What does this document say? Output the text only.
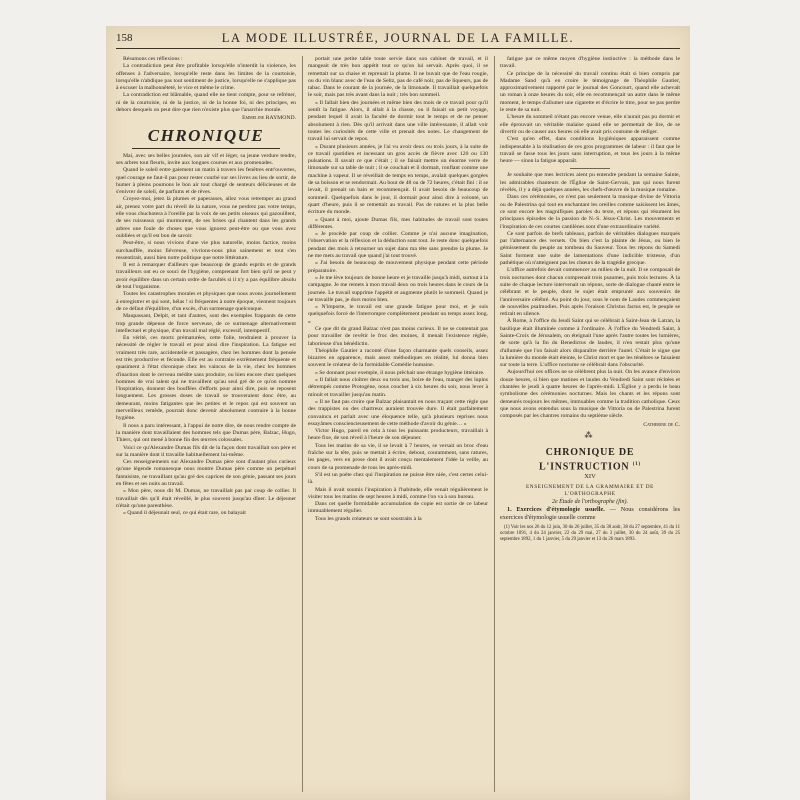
158	LA MODE ILLUSTRÉE, JOURNAL DE LA FAMILLE.

Résumons ces réflexions :

La contradiction peut être profitable lorsqu'elle n'interdit la violence, les offenses à l'adversaire, lorsqu'elle reste dans les limites de la courtoisie, lorsqu'elle n'abdique pas tout sentiment de justice, lorsqu'elle ne s'applique pas à excuser la malhonnêteté, le vice et même le crime.

La contradiction est blâmable, quand elle ne tient compte, pour se refréner, ni de la courtoisie, ni de la justice, ni de la bonne foi, ni des principes, en dehors desquels on peut dire que rien n'existe plus que l'anarchie morale.

Emmeline RAYMOND.
CHRONIQUE

Mai, avec ses belles journées, son air vif et léger, sa jeune verdure tendre, ses arbres tout fleuris, invite aux longues courses et aux promenades.

Quand le soleil entre gaiement un matin à travers les fenêtres entr'ouvertes, quel courage ne faut-il pas pour rester courbé sur ses livres au lieu de sortir, de humer à pleins poumons le bon air tout chargé de senteurs délicieuses et de s'enivrer de soleil, de parfums et de rêves.

Croyez-moi, jetez là plumes et paperasses, allez vous retremper au grand air, prenez votre part du réveil de la nature, vous ne perdrez pas votre temps, elle vous chuchotera à l'oreille par la voix de ses petits oiseaux qui gazouillent, de ses ruisseaux qui murmurent, de ses brises qui chantent dans les grands arbres une foule de choses que vous ignorez peut-être ou que vous avez oubliées et qu'il est bon de savoir.

Peut-être, si nous vivions d'une vie plus naturelle, moins factice, moins surchauffée, moins fiévreuse, vivrions-nous plus sainement et tout s'en ressentirait, aussi bien notre politique que notre littérature.

Il est à remarquer d'ailleurs que beaucoup de grands esprits et de grands travailleurs ont eu ce souci de l'hygiène, comprenant fort bien qu'il ne peut y avoir équilibre dans un certain ordre de facultés si il n'y a pas équilibre absolu de tout l'organisme.

Toutes les catastrophes morales et physiques que nous avons journellement à enregistrer et qui sont, hélas ! si fréquentes à notre époque, viennent toujours de ce défaut d'équilibre, d'un excès, d'un surmenage quelconque.

Maupassant, Delpit, et tant d'autres, sont des exemples frappants de cette trop grande dépense de force nerveuse, de ce surmenage alternativement intellectuel et physique, d'un travail mal réglé, excessif, intempestif.

En vérité, ces morts prématurées, cette folie, tendraient à prouver la nécessité de régler le travail et pour ainsi dire l'inspiration. La fatigue est vraiment très rare, accidentelle et passagère, chez les hommes dont la pensée est très productive et féconde. Elle est au contraire extrêmement fréquente et quasiment à l'état chronique chez les vaincus de la vie, chez les hommes d'inaction dont le cerveau médite sans produire, ou bien encore chez quelques hommes de vrai talent qui ne travaillent qu'au seul gré de ce qu'on nomme l'inspiration, donnent des bouffées d'efforts pour ainsi dire, puis se reposent longuement. Les grosses doses de travail se trouveraient donc être, au demeurant, moins fatigantes que les petites et le repos qui est souvent un merveilleux remède, pourrait donc devenir absolument contraire à la bonne hygiène.

Il nous a paru intéressant, à l'appui de notre dire, de nous rendre compte de la manière dont travaillaient des hommes tels que Dumas père, Balzac, Hugo, Thiers, qui ont mené à bonne fin des œuvres colossales.

Voici ce qu'Alexandre Dumas fils dit de la façon dont travaillait son père et sur la manière dont il travaille habituellement lui-même.

Ces renseignements sur Alexandre Dumas père sont d'autant plus curieux qu'une légende romanesque nous montre Dumas père comme un perpétuel fantaisiste, ne travaillant qu'au gré des caprices de son génie, passant ses jours en fêtes et ses nuits au travail.

« Mon père, nous dit M. Dumas, ne travaillait pas par coup de collier. Il travaillait dès qu'il était réveillé, le plus souvent jusqu'au dîner. Le déjeuner n'était qu'une parenthèse.

« Quand il déjeunait seul, ce qui était rare, on balayait

portait une petite table toute servie dans son cabinet de travail, et il mangeait de très bon appétit tout ce qu'on lui servait. Après quoi, il se remettait sur sa chaise et reprenait la plume. Il ne buvait que de l'eau rougie, ou du vin blanc avec de l'eau de Seltz, pas de café noir, pas de liqueurs, pas de tabac. Dans le courant de la journée, de la limonade. Il travaillait quelquefois le soir, mais pas très avant dans la nuit ; très bon sommeil.

« Il fallait bien des journées et même bien des mois de ce travail pour qu'il sentît la fatigue. Alors, il allait à la chasse, ou il faisait un petit voyage, pendant lequel il avait la faculté de dormir tout le temps et de ne penser absolument à rien. Dès qu'il arrivait dans une ville intéressante, il allait voir toutes les curiosités de cette ville et prenait des notes. Le changement de travail lui servait de repos.

« Durant plusieurs années, je l'ai vu avoir deux ou trois jours, à la suite de ce travail quotidien et incessant un gros accès de fièvre avec 120 ou 130 pulsations. Il savait ce que c'était ; il se faisait mettre un énorme verre de limonade sur sa table de nuit ; il se couchait et il dormait, ronflant comme une machine à vapeur. Il se réveillait de temps en temps, avalait quelques gorgées de sa boisson et se rendormait. Au bout de 48 ou de 72 heures, c'était fini : il se levait, il prenait un bain et recommençait. Il avait besoin de beaucoup de sommeil. Quelquefois dans le jour, il dormait pour ainsi dire à volonté, un quart d'heure, puis il se remettait au travail. Pas de ratures et la plus belle écriture du monde.

« Quant à moi, ajoute Dumas fils, mes habitudes de travail sont toutes différentes.

« Je procède par coup de collier. Comme je n'ai aucune imagination, l'observation et la réflexion et la déduction sont tout. Je reste donc quelquefois pendant des mois à retourner un sujet dans ma tête sans prendre la plume. Je ne me mets au travail que quand j'ai tout trouvé.

« J'ai besoin de beaucoup de mouvement physique pendant cette période préparatoire.

« Je me lève toujours de bonne heure et je travaille jusqu'à midi, surtout à la campagne. Je me remets à mon travail deux ou trois heures dans le cours de la journée. Le travail supprime l'appétit et augmente plutôt le sommeil. Quand je ne travaille pas, je dors moins bien.

« N'importe, le travail est une grande fatigue pour moi, et je suis quelquefois forcé de l'interrompre complètement pendant un temps assez long. »

Ce que dit du grand Balzac n'est pas moins curieux. Il ne se contentait pas pour travailler de revêtir le froc des moines, il menait l'existence réglée, laborieuse d'un bénédictin.

Théophile Gautier a raconté d'une façon charmante quels conseils, assez bizarres en apparence, mais assez méthodiques en réalité, lui donna bien souvent le créateur de la formidable Comédie humaine.

« Se donnant pour exemple, il nous prêchait une étrange hygiène littéraire.

« Il fallait nous cloîtrer deux ou trois ans, boire de l'eau, manger des lupins détrempés comme Protogène, nous coucher à six heures du soir, nous lever à minuit et travailler jusqu'au matin.

« Il ne faut pas croire que Balzac plaisantait en nous traçant cette règle que des trappistes ou des chartreux auraient trouvée dure. Il était parfaitement convaincu et parlait avec une éloquence telle, qu'à plusieurs reprises nous essayâmes consciencieusement de cette méthode d'avoir du génie… »

Victor Hugo, pareil en cela à tous les puissants producteurs, travaillait à heure fixe, de son réveil à l'heure de son déjeuner.

Tous les matins de sa vie, il se levait à 7 heures, se versait un broc d'eau fraîche sur la tête, puis se mettait à écrire, debout, couramment, sans ratures, les pages, vers en prose dont il avait conçu mentalement l'idée la veille, au cours de sa promenade de tous les après-midi.

S'il est un poète chez qui l'inspiration ne puisse être niée, c'est certes celui-là.

Mais il avait soumis l'inspiration à l'habitude, elle venait régulièrement le visiter tous les matins de sept heures à midi, comme l'on va à son bureau.

Dans cet quelle formidable accumulation de copie est sortie de ce labeur immuablement régulier.

Tous les grands créateurs se sont soustraits à la

fatigue par ce même moyen d'hygiène instinctive : la méthode dans le travail.

Ce principe de la nécessité du travail continu était si bien compris par Madame Sand qu'à en croire le témoignage de Théophile Gautier, approximativement rapporté par le journal des Goncourt, quand elle achevait un roman à onze heures du soir, elle en recommençait un autre dans le même moment, le temps d'allumer une cigarette et d'écrire le titre, pour ne pas perdre le reste de sa nuit.

L'heure du sommeil n'étant pas encore venue, elle n'aurait pas pu dormir et elle éprouvait un véritable malaise quand elle se permettait de lire, de se divertir ou de causer aux heures où elle avait pris coutume de rédiger.

C'est qu'en effet, dans conditions hygiéniques apparaissent comme indispensable à la réalisation de ces gros programmes de labeur : il faut que le travail se fasse tous les jours sans interruption, et tous les jours à la même heure — sinon la fatigue apparaît.

Je souhaite que mes lectrices aient pu entendre pendant la semaine Sainte, les admirables chanteurs de l'Église de Saint-Gervais, pas qui nous furent révélés, il y a déjà quelques années, les chefs-d'œuvre de la musique romaine.

Dans ces cérémonies, ce n'est pas seulement la musique divine de Vittoria ou de Palestrina qui tout en enchantant les oreilles comme saisissent les âmes, ce sont encore les magnifiques paroles du texte, et répons qui résument les principaux épisodes de la passion de N.-S. Jésus-Christ. Les mouvements et l'inspiration de ces courtes cantilènes sont d'une extraordinaire variété.

Ce sont parfois de brefs tableaux, parfois de véritables dialogues marqués par l'alternance des versets. On bien c'est la plainte de Jésus, ou bien le gémissement du peuple au tombeau du Sauveur. Tous les répons du Samedi Saint forment une suite de lamentations d'une indicible tristesse, d'un pathétique où n'atteignent pas les chœurs de la tragédie grecque.

L'office autrefois devait commencer au milieu de la nuit. Il se composait de trois nocturnes dont chacun comprenait trois psaumes, puis trois lectures. À la suite de chaque lecture intervenait un répons, sorte de dialogue chanté entre le célébrant et le peuple, dont le sujet était emprunté aux souvenirs de l'anniversaire célébré. Au point du jour, sous le nom de Laudes commençaient de nouvelles psalmodies. Puis après l'oraison Christus factus est, le peuple se retirait en silence.

À Rome, à l'office du Jeudi Saint qui se célébrait à Saint-Jean de Latran, la basilique était illuminée comme à l'ordinaire. À l'office du Vendredi Saint, à Sainte-Croix de Jérusalem, on éteignait l'une après l'autre toutes les lumières, de sorte qu'à la fin du Benedictus de laudes, il n'en restait plus qu'une d'allumée que l'on faisait alors disparaître derrière l'autel. C'était le signe que la lumière du monde était éteinte, le Christ mort et que les ténèbres se faisaient sur toute la terre. L'office nocturne se célébrait dans l'obscurité.

Aujourd'hui ces offices ne se célèbrent plus la nuit. On les avance d'environ douze heures, si bien que matines et laudes du Vendredi Saint sont récitées et chantées le jeudi à quatre heures de l'après-midi. L'Église y a perdu le beau symbolisme des cérémonies nocturnes. Mais les chants et les répons sont demeurés toujours les mêmes, immuables comme la tradition catholique. Ceux que nous avons entendus sous la musique de Vittoria ou de Palestrina furent composés par les chantres romains du septième siècle.

Catherine de C.
⁂
CHRONIQUE DE L'INSTRUCTION $^{(1)}$
XIV
ENSEIGNEMENT DE LA GRAMMAIRE ET DE L'ORTHOGRAPHE
2e Étude de l'orthographe (fin).

1. Exercices d'étymologie usuelle. — Nous considérons les exercices d'étymologie usuelle comme

(1) Voir les nos 26 du 12 juin, 30 du 26 juillet, 35 du 30 août, 38 du 27 septembre, 41 du 11 octobre 1891, 4 du 24 janvier, 22 du 29 mai, 27 du 3 juillet, 30 du 24 août, 39 du 25 septembre 1892, 1 du 1 janvier, 5 du 29 janvier et 13 du 26 mars 1893.
